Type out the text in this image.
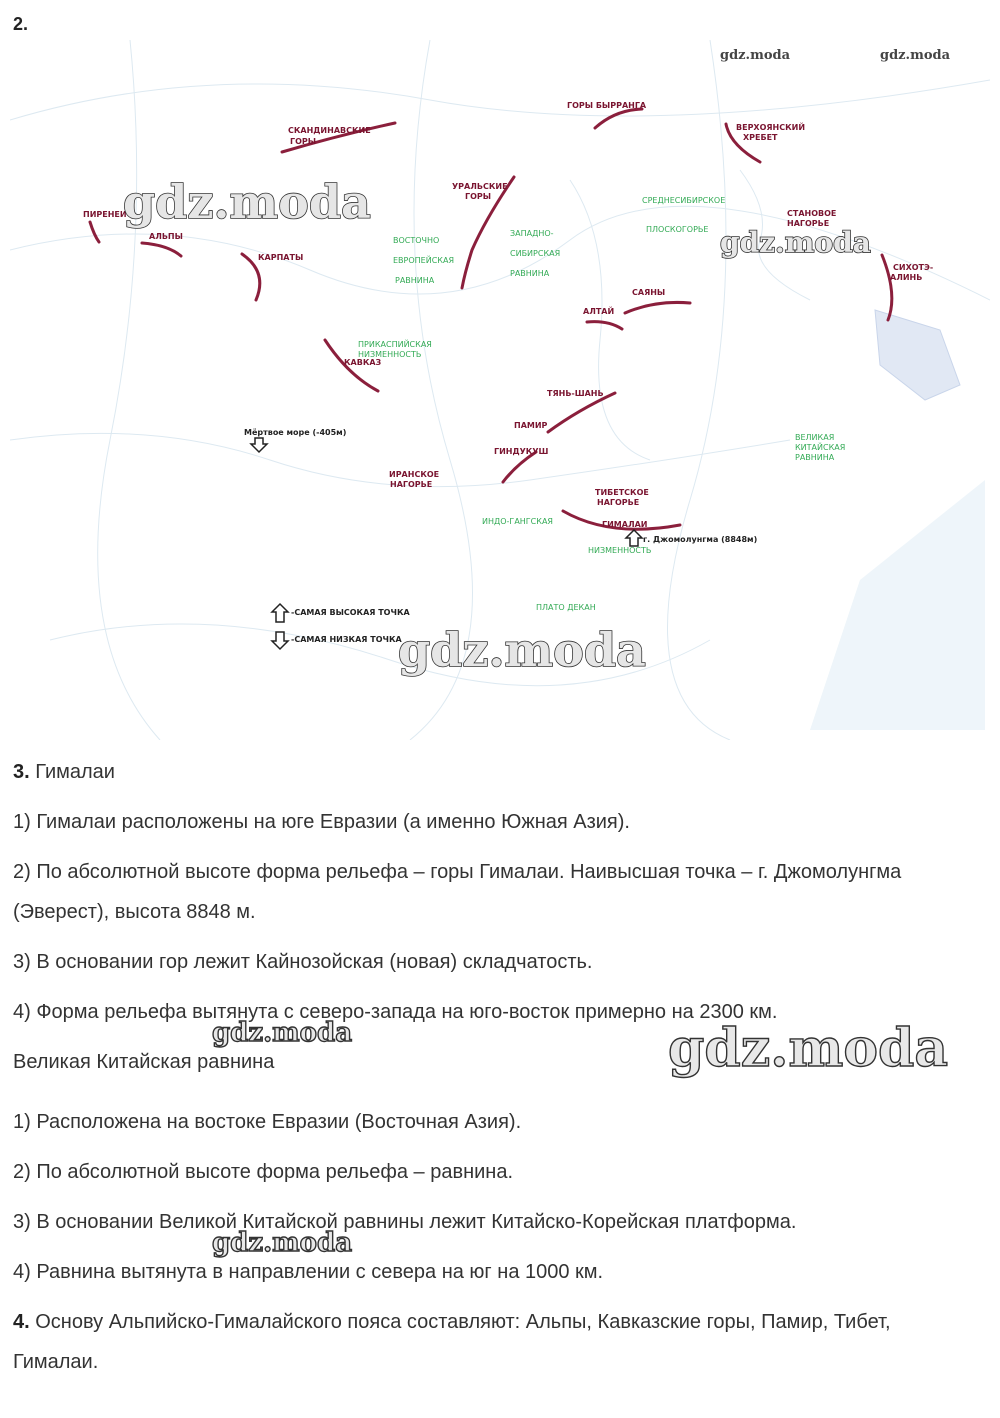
2.
СКАНДИНАВСКИЕ
ГОРЫ
ПИРЕНЕИ
АЛЬПЫ
КАРПАТЫ
КАВКАЗ
УРАЛЬСКИЕ
ГОРЫ
ГОРЫ БЫРРАНГА
ВЕРХОЯНСКИЙ
ХРЕБЕТ
СТАНОВОЕ
НАГОРЬЕ
СИХОТЭ-
АЛИНЬ
АЛТАЙ
САЯНЫ
ТЯНЬ-ШАНЬ
ПАМИР
ГИНДУКУШ
ИРАНСКОЕ
НАГОРЬЕ
ТИБЕТСКОЕ
НАГОРЬЕ
ГИМАЛАИ
ВОСТОЧНО
ЕВРОПЕЙСКАЯ
РАВНИНА
ПРИКАСПИЙСКАЯ
НИЗМЕННОСТЬ
ЗАПАДНО-
СИБИРСКАЯ
РАВНИНА
СРЕДНЕСИБИРСКОЕ
ПЛОСКОГОРЬЕ
ВЕЛИКАЯ
КИТАЙСКАЯ
РАВНИНА
ИНДО-ГАНГСКАЯ
НИЗМЕННОСТЬ
ПЛАТО ДЕКАН
Мёртвое море (-405м)
г. Джомолунгма (8848м)
-САМАЯ ВЫСОКАЯ ТОЧКА
-САМАЯ НИЗКАЯ ТОЧКА
gdz.moda	gdz.moda
gdz.moda
gdz.moda
gdz.moda

3. Гималаи

1) Гималаи расположены на юге Евразии (а именно Южная Азия).

2) По абсолютной высоте форма рельефа – горы Гималаи. Наивысшая точка – г. Джомолунгма (Эверест), высота 8848 м.

3) В основании гор лежит Кайнозойская (новая) складчатость.

4) Форма рельефа вытянута с северо-запада на юго-восток примерно на 2300 км.

Великая Китайская равнина

1) Расположена на востоке Евразии (Восточная Азия).

2) По абсолютной высоте форма рельефа – равнина.

3) В основании Великой Китайской равнины лежит Китайско-Корейская платформа.

4) Равнина вытянута в направлении с севера на юг на 1000 км.

4. Основу Альпийско-Гималайского пояса составляют: Альпы, Кавказские горы, Памир, Тибет, Гималаи.

gdz.moda	gdz.moda
gdz.moda
